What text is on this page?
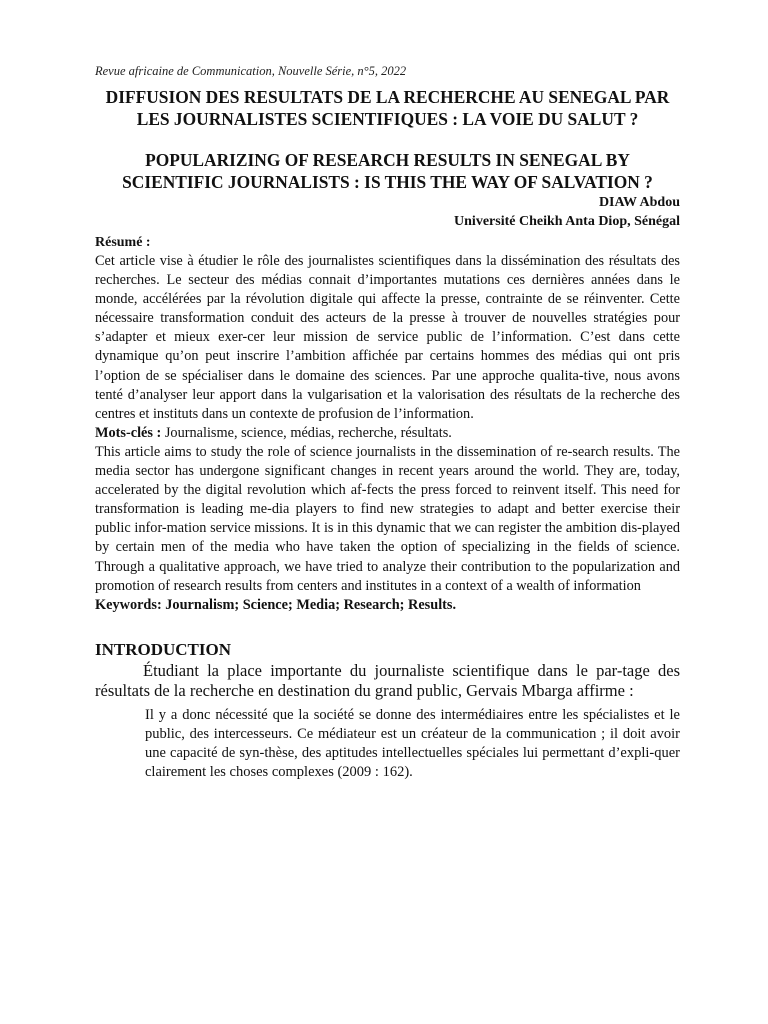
Revue africaine de Communication, Nouvelle Série, n°5, 2022

DIFFUSION DES RESULTATS DE LA RECHERCHE AU SENEGAL PAR LES JOURNALISTES SCIENTIFIQUES : LA VOIE DU SALUT ?
POPULARIZING OF RESEARCH RESULTS IN SENEGAL BY SCIENTIFIC JOURNALISTS : IS THIS THE WAY OF SALVATION ?

DIAW Abdou

Université Cheikh Anta Diop, Sénégal

Résumé :

Cet article vise à étudier le rôle des journalistes scientifiques dans la dissémination des résultats des recherches. Le secteur des médias connait d’importantes mutations ces dernières années dans le monde, accélérées par la révolution digitale qui affecte la presse, contrainte de se réinventer. Cette nécessaire transformation conduit des acteurs de la presse à trouver de nouvelles stratégies pour s’adapter et mieux exer-cer leur mission de service public de l’information. C’est dans cette dynamique qu’on peut inscrire l’ambition affichée par certains hommes des médias qui ont pris l’option de se spécialiser dans le domaine des sciences. Par une approche qualita-tive, nous avons tenté d’analyser leur apport dans la vulgarisation et la valorisation des résultats de la recherche des centres et instituts dans un contexte de profusion de l’information.

Mots-clés : Journalisme, science, médias, recherche, résultats.

This article aims to study the role of science journalists in the dissemination of re-search results. The media sector has undergone significant changes in recent years around the world. They are, today, accelerated by the digital revolution which af-fects the press forced to reinvent itself. This need for transformation is leading me-dia players to find new strategies to adapt and better exercise their public infor-mation service missions. It is in this dynamic that we can register the ambition dis-played by certain men of the media who have taken the option of specializing in the fields of science. Through a qualitative approach, we have tried to analyze their contribution to the popularization and promotion of research results from centers and institutes in a context of a wealth of information

Keywords: Journalism; Science; Media; Research; Results.

INTRODUCTION

Étudiant la place importante du journaliste scientifique dans le par-tage des résultats de la recherche en destination du grand public, Gervais Mbarga affirme :

Il y a donc nécessité que la société se donne des intermédiaires entre les spécialistes et le public, des intercesseurs. Ce médiateur est un créateur de la communication ; il doit avoir une capacité de syn-thèse, des aptitudes intellectuelles spéciales lui permettant d’expli-quer clairement les choses complexes (2009 : 162).
